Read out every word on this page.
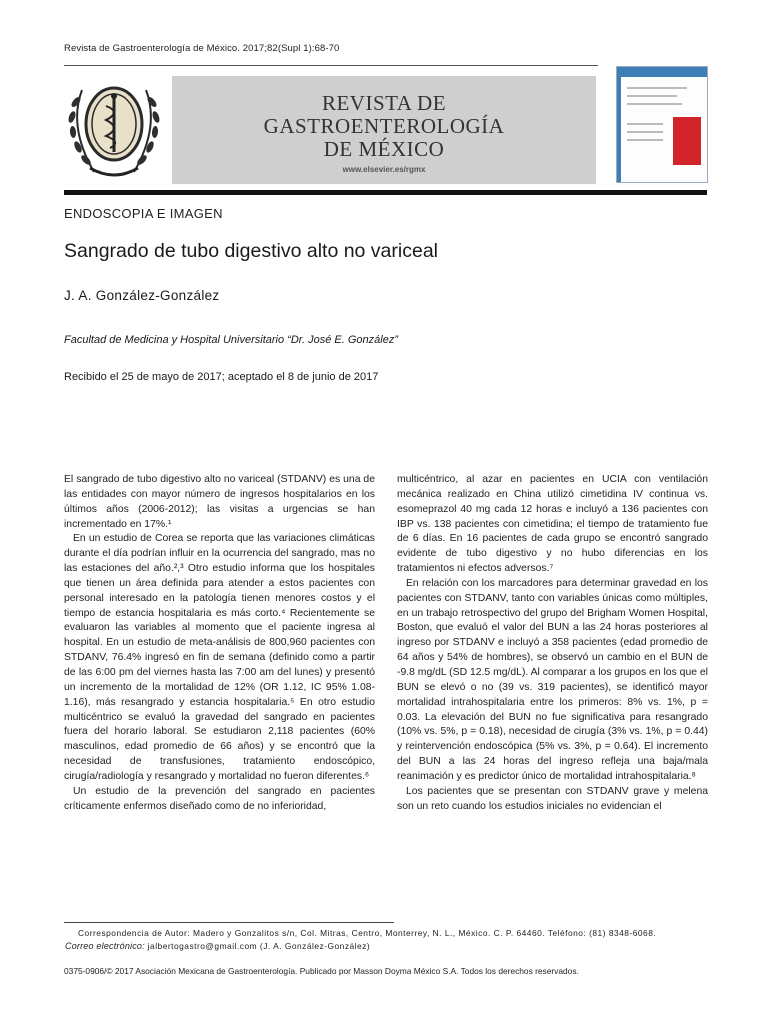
Revista de Gastroenterología de México. 2017;82(Supl 1):68-70
REVISTA DE
GASTROENTEROLOGÍA
DE MÉXICO
www.elsevier.es/rgmx
ENDOSCOPIA E IMAGEN
Sangrado de tubo digestivo alto no variceal
J. A. González-González
Facultad de Medicina y Hospital Universitario “Dr. José E. González”
Recibido el 25 de mayo de 2017; aceptado el 8 de junio de 2017

El sangrado de tubo digestivo alto no variceal (STDANV) es una de las entidades con mayor número de ingresos hospitalarios en los últimos años (2006-2012); las visitas a urgencias se han incrementado en 17%.¹

En un estudio de Corea se reporta que las variaciones climáticas durante el día podrían influir en la ocurrencia del sangrado, mas no las estaciones del año.²,³ Otro estudio informa que los hospitales que tienen un área definida para atender a estos pacientes con personal interesado en la patología tienen menores costos y el tiempo de estancia hospitalaria es más corto.⁴ Recientemente se evaluaron las variables al momento que el paciente ingresa al hospital. En un estudio de meta-análisis de 800,960 pacientes con STDANV, 76.4% ingresó en fin de semana (definido como a partir de las 6:00 pm del viernes hasta las 7:00 am del lunes) y presentó un incremento de la mortalidad de 12% (OR 1.12, IC 95% 1.08-1.16), más resangrado y estancia hospitalaria.⁵ En otro estudio multicéntrico se evaluó la gravedad del sangrado en pacientes fuera del horario laboral. Se estudiaron 2,118 pacientes (60% masculinos, edad promedio de 66 años) y se encontró que la necesidad de transfusiones, tratamiento endoscópico, cirugía/radiología y resangrado y mortalidad no fueron diferentes.⁶

Un estudio de la prevención del sangrado en pacientes críticamente enfermos diseñado como de no inferioridad,

multicéntrico, al azar en pacientes en UCIA con ventilación mecánica realizado en China utilizó cimetidina IV continua vs. esomeprazol 40 mg cada 12 horas e incluyó a 136 pacientes con IBP vs. 138 pacientes con cimetidina; el tiempo de tratamiento fue de 6 días. En 16 pacientes de cada grupo se encontró sangrado evidente de tubo digestivo y no hubo diferencias en los tratamientos ni efectos adversos.⁷

En relación con los marcadores para determinar gravedad en los pacientes con STDANV, tanto con variables únicas como múltiples, en un trabajo retrospectivo del grupo del Brigham Women Hospital, Boston, que evaluó el valor del BUN a las 24 horas posteriores al ingreso por STDANV e incluyó a 358 pacientes (edad promedio de 64 años y 54% de hombres), se observó un cambio en el BUN de -9.8 mg/dL (SD 12.5 mg/dL). Al comparar a los grupos en los que el BUN se elevó o no (39 vs. 319 pacientes), se identificó mayor mortalidad intrahospitalaria entre los primeros: 8% vs. 1%, p = 0.03. La elevación del BUN no fue significativa para resangrado (10% vs. 5%, p = 0.18), necesidad de cirugía (3% vs. 1%, p = 0.44) y reintervención endoscópica (5% vs. 3%, p = 0.64). El incremento del BUN a las 24 horas del ingreso refleja una baja/mala reanimación y es predictor único de mortalidad intrahospitalaria.⁸

Los pacientes que se presentan con STDANV grave y melena son un reto cuando los estudios iniciales no evidencian el

Correspondencia de Autor: Madero y Gonzalitos s/n, Col. Mitras, Centro, Monterrey, N. L., México. C. P. 64460. Teléfono: (81) 8348-6068.
Correo electrónico: jalbertogastro@gmail.com (J. A. González-González)
0375-0906/© 2017 Asociación Mexicana de Gastroenterología. Publicado por Masson Doyma México S.A. Todos los derechos reservados.
